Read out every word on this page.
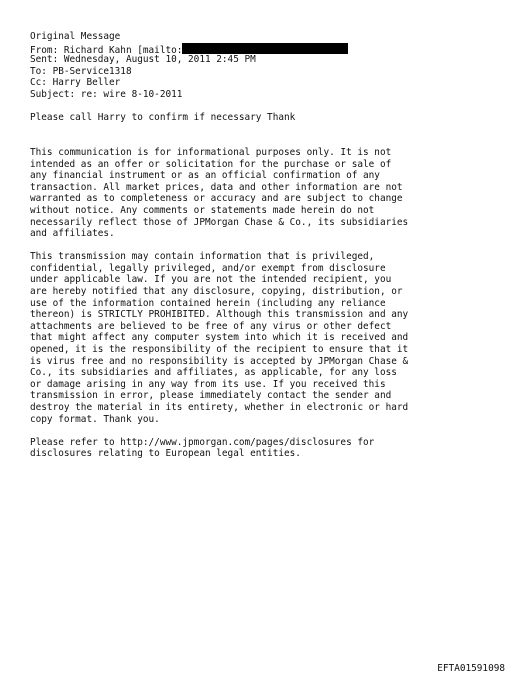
Original Message
From: Richard Kahn [mailto:
Sent: Wednesday, August 10, 2011 2:45 PM
To: PB-Service1318
Cc: Harry Beller
Subject: re: wire 8-10-2011
Please call Harry to confirm if necessary Thank
This communication is for informational purposes only. It is not
intended as an offer or solicitation for the purchase or sale of
any financial instrument or as an official confirmation of any
transaction. All market prices, data and other information are not
warranted as to completeness or accuracy and are subject to change
without notice. Any comments or statements made herein do not
necessarily reflect those of JPMorgan Chase & Co., its subsidiaries
and affiliates.
This transmission may contain information that is privileged,
confidential, legally privileged, and/or exempt from disclosure
under applicable law. If you are not the intended recipient, you
are hereby notified that any disclosure, copying, distribution, or
use of the information contained herein (including any reliance
thereon) is STRICTLY PROHIBITED. Although this transmission and any
attachments are believed to be free of any virus or other defect
that might affect any computer system into which it is received and
opened, it is the responsibility of the recipient to ensure that it
is virus free and no responsibility is accepted by JPMorgan Chase &
Co., its subsidiaries and affiliates, as applicable, for any loss
or damage arising in any way from its use. If you received this
transmission in error, please immediately contact the sender and
destroy the material in its entirety, whether in electronic or hard
copy format. Thank you.
Please refer to http://www.jpmorgan.com/pages/disclosures for
disclosures relating to European legal entities.
EFTA01591098
